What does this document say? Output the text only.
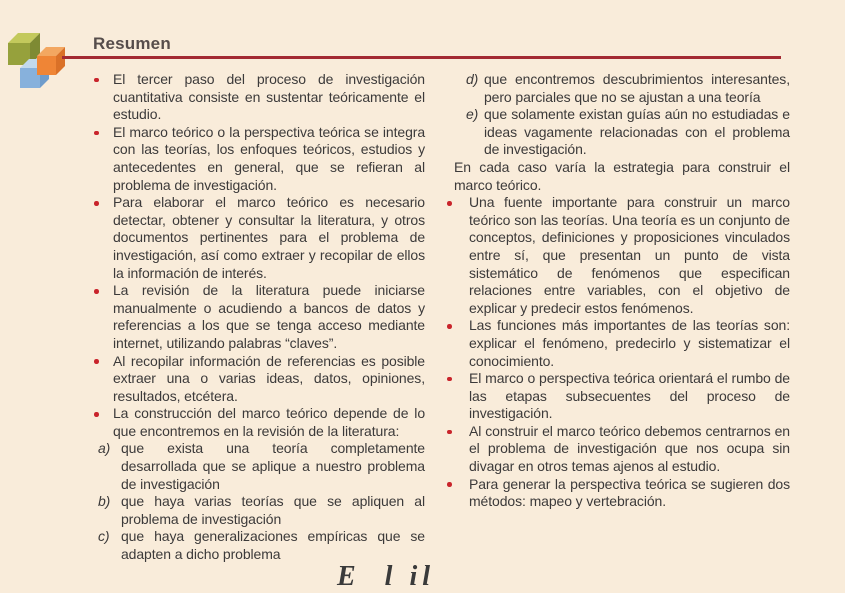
Resumen
El tercer paso del proceso de investigación cuantitativa consiste en sustentar teóricamente el estudio.
El marco teórico o la perspectiva teórica se integra con las teorías, los enfoques teóricos, estudios y antecedentes en general, que se refieran al problema de investigación.
Para elaborar el marco teórico es necesario detectar, obtener y consultar la literatura, y otros documentos pertinentes para el problema de investigación, así como extraer y recopilar de ellos la información de interés.
La revisión de la literatura puede iniciarse manualmente o acudiendo a bancos de datos y referencias a los que se tenga acceso mediante internet, utilizando palabras “claves”.
Al recopilar información de referencias es posible extraer una o varias ideas, datos, opiniones, resultados, etcétera.
La construcción del marco teórico depende de lo que encontremos en la revisión de la literatura:
a) que exista una teoría completamente desarrollada que se aplique a nuestro problema de investigación
b) que haya varias teorías que se apliquen al problema de investigación
c) que haya generalizaciones empíricas que se adapten a dicho problema
d) que encontremos descubrimientos interesantes, pero parciales que no se ajustan a una teoría
e) que solamente existan guías aún no estudiadas e ideas vagamente relacionadas con el problema de investigación.
En cada caso varía la estrategia para construir el marco teórico.
Una fuente importante para construir un marco teórico son las teorías. Una teoría es un conjunto de conceptos, definiciones y proposiciones vinculados entre sí, que presentan un punto de vista sistemático de fenómenos que especifican relaciones entre variables, con el objetivo de explicar y predecir estos fenómenos.
Las funciones más importantes de las teorías son: explicar el fenómeno, predecirlo y sistematizar el conocimiento.
El marco o perspectiva teórica orientará el rumbo de las etapas subsecuentes del proceso de investigación.
Al construir el marco teórico debemos centrarnos en el problema de investigación que nos ocupa sin divagar en otros temas ajenos al estudio.
Para generar la perspectiva teórica se sugieren dos métodos: mapeo y vertebración.
E  l il
